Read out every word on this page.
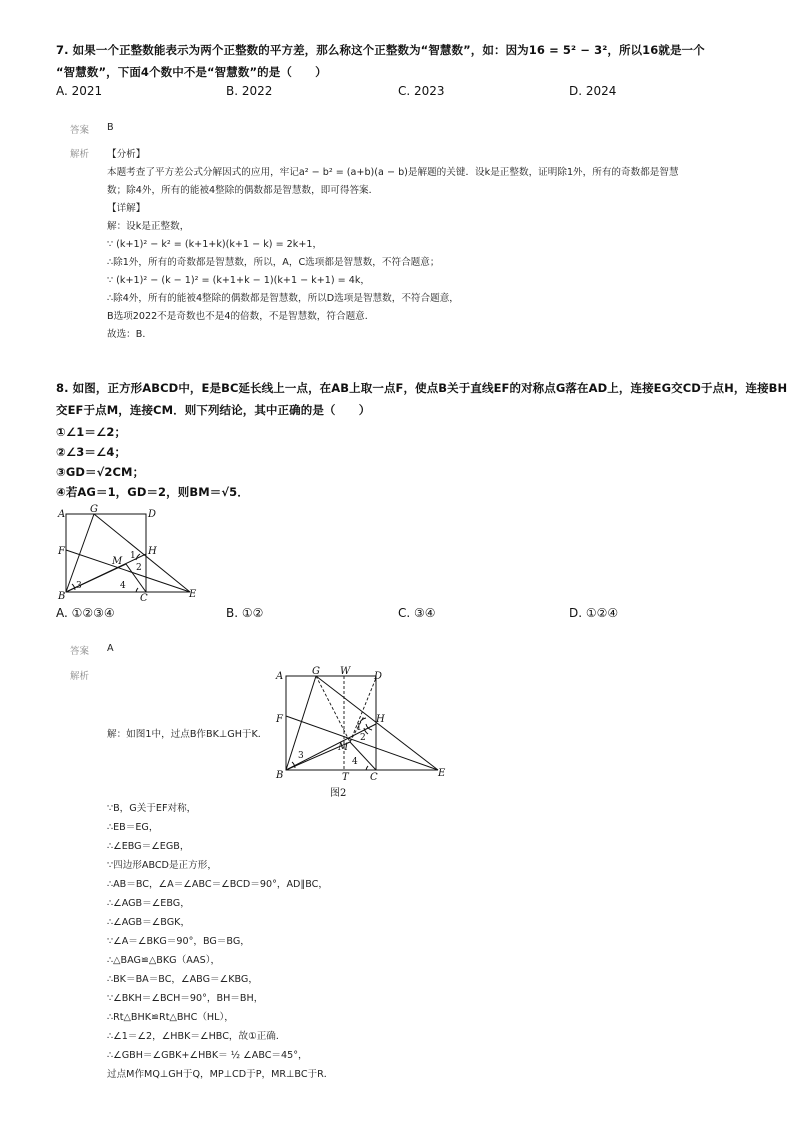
7. 如果一个正整数能表示为两个正整数的平方差，那么称这个正整数为“智慧数”，如：因为16 = 5² − 3²，所以16就是一个
“智慧数”，下面4个数中不是“智慧数”的是（　　）
A. 2021	B. 2022	C. 2023	D. 2024
答案 B
解析 【分析】
本题考查了平方差公式分解因式的应用，牢记a² − b² = (a+b)(a − b)是解题的关键．设k是正整数，证明除1外，所有的奇数都是智慧
数；除4外，所有的能被4整除的偶数都是智慧数，即可得答案．
【详解】
解：设k是正整数，
∵ (k+1)² − k² = (k+1+k)(k+1 − k) = 2k+1，
∴除1外，所有的奇数都是智慧数，所以，A，C选项都是智慧数，不符合题意；
∵ (k+1)² − (k − 1)² = (k+1+k − 1)(k+1 − k+1) = 4k，
∴除4外，所有的能被4整除的偶数都是智慧数，所以D选项是智慧数，不符合题意，
B选项2022不是奇数也不是4的倍数，不是智慧数，符合题意．
故选：B．
8. 如图，正方形ABCD中，E是BC延长线上一点，在AB上取一点F，使点B关于直线EF的对称点G落在AD上，连接EG交CD于点H，连接BH
交EF于点M，连接CM．则下列结论，其中正确的是（　　）
①∠1＝∠2；
②∠3＝∠4；
③GD＝√2CM；
④若AG＝1，GD＝2，则BM＝√5．
A G	D
F
M
H
1
2
3	4
B	C	E
A. ①②③④	B. ①②	C. ③④	D. ①②④
答案 A
解析
解：如图1中，过点B作BK⊥GH于K．
A	G W D
F	H
1
2
M
3
4
B	T C	E
图2
∵B，G关于EF对称，
∴EB＝EG，
∴∠EBG＝∠EGB，
∵四边形ABCD是正方形，
∴AB＝BC，∠A＝∠ABC＝∠BCD＝90°，AD∥BC，
∴∠AGB＝∠EBG，
∴∠AGB＝∠BGK，
∵∠A＝∠BKG＝90°，BG＝BG，
∴△BAG≌△BKG（AAS），
∴BK＝BA＝BC，∠ABG＝∠KBG，
∵∠BKH＝∠BCH＝90°，BH＝BH，
∴Rt△BHK≌Rt△BHC（HL），
∴∠1＝∠2，∠HBK＝∠HBC，故①正确．
∴∠GBH＝∠GBK+∠HBK＝ ½ ∠ABC＝45°，
过点M作MQ⊥GH于Q，MP⊥CD于P，MR⊥BC于R．
